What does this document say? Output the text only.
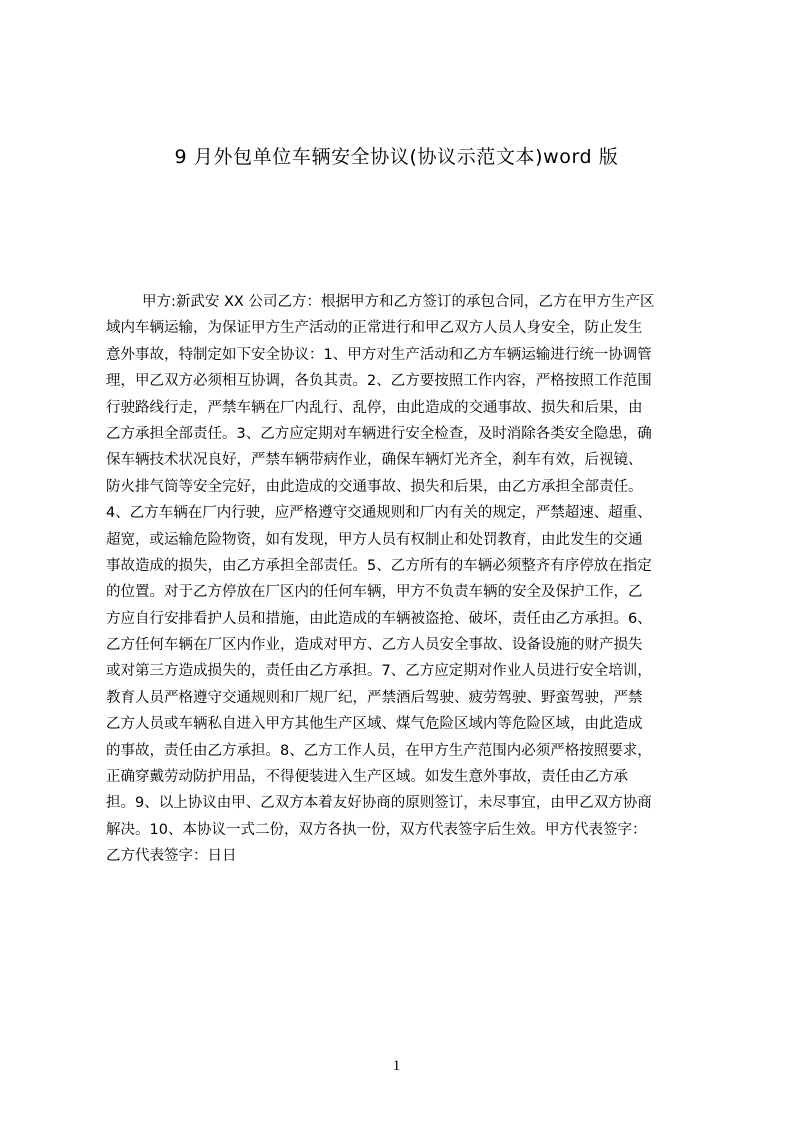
9 月外包单位车辆安全协议(协议示范文本)word 版
甲方:新武安 XX 公司乙方：根据甲方和乙方签订的承包合同，乙方在甲方生产区
域内车辆运输，为保证甲方生产活动的正常进行和甲乙双方人员人身安全，防止发生
意外事故，特制定如下安全协议：1、甲方对生产活动和乙方车辆运输进行统一协调管
理，甲乙双方必须相互协调，各负其责。2、乙方要按照工作内容，严格按照工作范围
行驶路线行走，严禁车辆在厂内乱行、乱停，由此造成的交通事故、损失和后果，由
乙方承担全部责任。3、乙方应定期对车辆进行安全检查，及时消除各类安全隐患，确
保车辆技术状况良好，严禁车辆带病作业，确保车辆灯光齐全，刹车有效，后视镜、
防火排气筒等安全完好，由此造成的交通事故、损失和后果，由乙方承担全部责任。
4、乙方车辆在厂内行驶，应严格遵守交通规则和厂内有关的规定，严禁超速、超重、
超宽，或运输危险物资，如有发现，甲方人员有权制止和处罚教育，由此发生的交通
事故造成的损失，由乙方承担全部责任。5、乙方所有的车辆必须整齐有序停放在指定
的位置。对于乙方停放在厂区内的任何车辆，甲方不负责车辆的安全及保护工作，乙
方应自行安排看护人员和措施，由此造成的车辆被盗抢、破坏，责任由乙方承担。6、
乙方任何车辆在厂区内作业，造成对甲方、乙方人员安全事故、设备设施的财产损失
或对第三方造成损失的，责任由乙方承担。7、乙方应定期对作业人员进行安全培训，
教育人员严格遵守交通规则和厂规厂纪，严禁酒后驾驶、疲劳驾驶、野蛮驾驶，严禁
乙方人员或车辆私自进入甲方其他生产区域、煤气危险区域内等危险区域，由此造成
的事故，责任由乙方承担。8、乙方工作人员，在甲方生产范围内必须严格按照要求，
正确穿戴劳动防护用品，不得便装进入生产区域。如发生意外事故，责任由乙方承
担。9、以上协议由甲、乙双方本着友好协商的原则签订，未尽事宜，由甲乙双方协商
解决。10、本协议一式二份，双方各执一份，双方代表签字后生效。甲方代表签字：
乙方代表签字：日日
1
